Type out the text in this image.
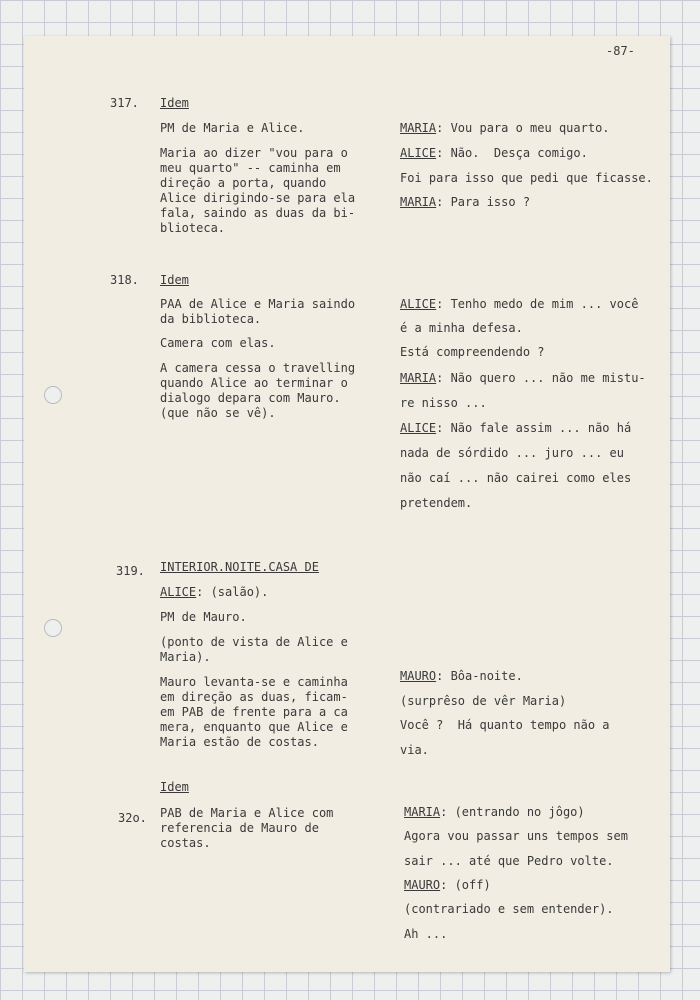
-87-
317. Idem
PM de Maria e Alice.
Maria ao dizer "vou para o
meu quarto" -- caminha em
direção a porta, quando
Alice dirigindo-se para ela
fala, saindo as duas da bi-
blioteca.
MARIA: Vou para o meu quarto.
ALICE: Não.  Desça comigo.
Foi para isso que pedi que ficasse.
MARIA: Para isso ?
318. Idem
PAA de Alice e Maria saindo
da biblioteca.
Camera com elas.
A camera cessa o travelling
quando Alice ao terminar o
dialogo depara com Mauro.
(que não se vê).
ALICE: Tenho medo de mim ... você
é a minha defesa.
Está compreendendo ?
MARIA: Não quero ... não me mistu-
re nisso ...
ALICE: Não fale assim ... não há
nada de sórdido ... juro ... eu
não caí ... não cairei como eles
pretendem.
319. INTERIOR.NOITE.CASA DE
ALICE: (salão).
PM de Mauro.
(ponto de vista de Alice e
Maria).
Mauro levanta-se e caminha
em direção as duas, ficam-
em PAB de frente para a ca
mera, enquanto que Alice e
Maria estão de costas.
MAURO: Bôa-noite.
(surprêso de vêr Maria)
Você ?  Há quanto tempo não a
via.
Idem
32o. PAB de Maria e Alice com
referencia de Mauro de
costas.
MARIA: (entrando no jôgo)
Agora vou passar uns tempos sem
sair ... até que Pedro volte.
MAURO: (off)
(contrariado e sem entender).
Ah ...
